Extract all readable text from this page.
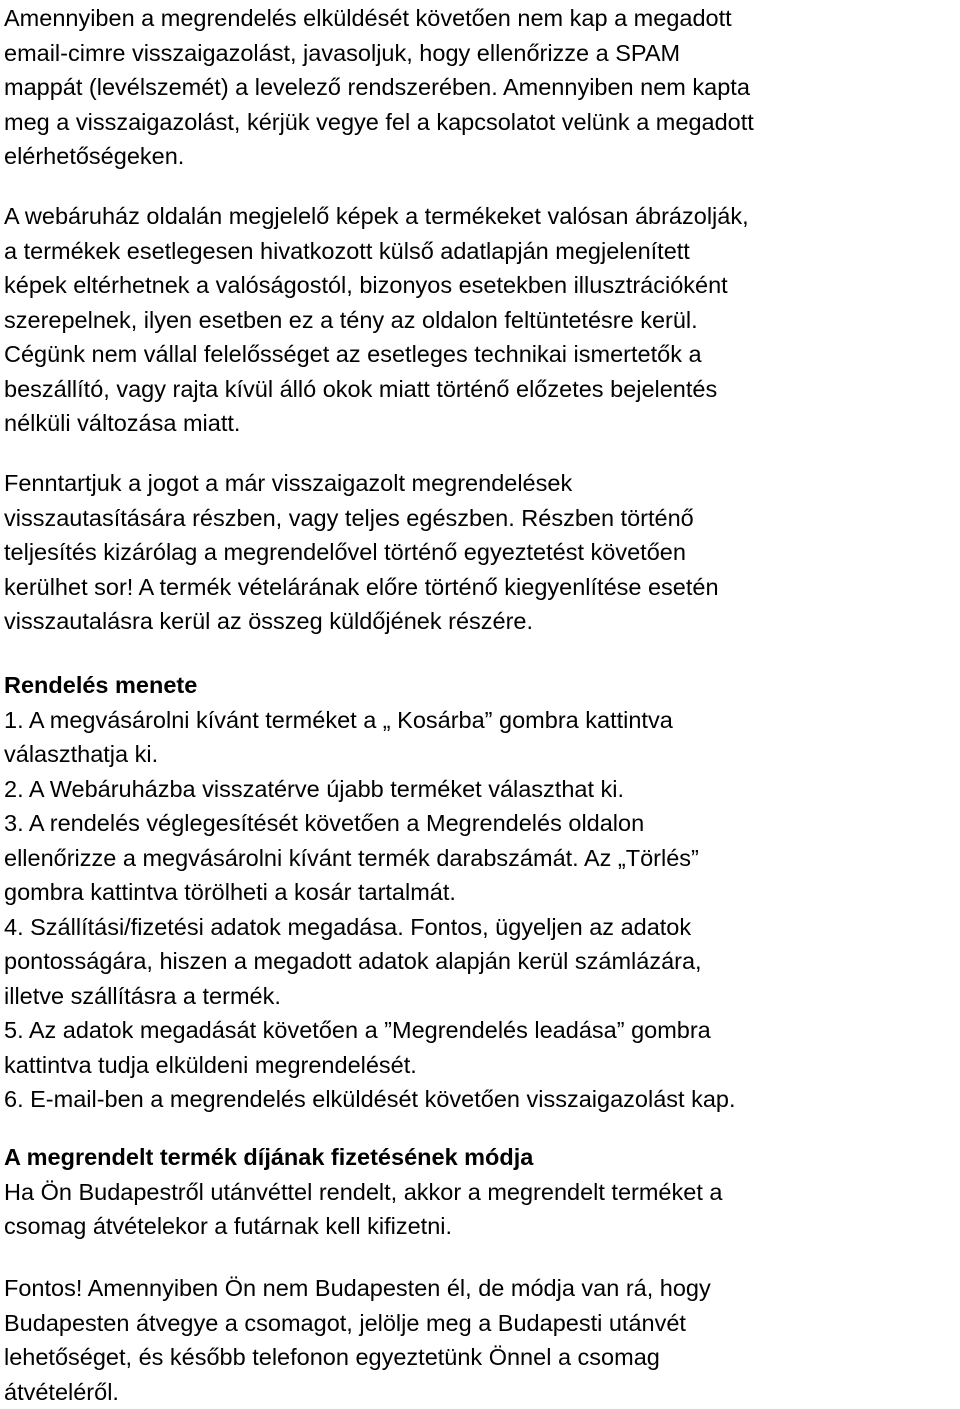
Amennyiben a megrendelés elküldését követően nem kap a megadott
email-cimre visszaigazolást, javasoljuk, hogy ellenőrizze a SPAM
mappát (levélszemét) a levelező rendszerében. Amennyiben nem kapta
meg a visszaigazolást, kérjük vegye fel a kapcsolatot velünk a megadott
elérhetőségeken.
A webáruház oldalán megjelelő képek a termékeket valósan ábrázolják,
a termékek esetlegesen hivatkozott külső adatlapján megjelenített
képek eltérhetnek a valóságostól, bizonyos esetekben illusztrációként
szerepelnek, ilyen esetben ez a tény az oldalon feltüntetésre kerül.
Cégünk nem vállal felelősséget az esetleges technikai ismertetők a
beszállító, vagy rajta kívül álló okok miatt történő előzetes bejelentés
nélküli változása miatt.
Fenntartjuk a jogot a már visszaigazolt megrendelések
visszautasítására részben, vagy teljes egészben. Részben történő
teljesítés kizárólag a megrendelővel történő egyeztetést követően
kerülhet sor! A termék vételárának előre történő kiegyenlítése esetén
visszautalásra kerül az összeg küldőjének részére.
Rendelés menete
1. A megvásárolni kívánt terméket a „ Kosárba” gombra kattintva
választhatja ki.
2. A Webáruházba visszatérve újabb terméket választhat ki.
3. A rendelés véglegesítését követően a Megrendelés oldalon
ellenőrizze a megvásárolni kívánt termék darabszámát. Az „Törlés”
gombra kattintva törölheti a kosár tartalmát.
4. Szállítási/fizetési adatok megadása. Fontos, ügyeljen az adatok
pontosságára, hiszen a megadott adatok alapján kerül számlázára,
illetve szállításra a termék.
5. Az adatok megadását követően a ”Megrendelés leadása” gombra
kattintva tudja elküldeni megrendelését.
6. E-mail-ben a megrendelés elküldését követően visszaigazolást kap.
A megrendelt termék díjának fizetésének módja
Ha Ön Budapestről utánvéttel rendelt, akkor a megrendelt terméket a
csomag átvételekor a futárnak kell kifizetni.
Fontos! Amennyiben Ön nem Budapesten él, de módja van rá, hogy
Budapesten átvegye a csomagot, jelölje meg a Budapesti utánvét
lehetőséget, és később telefonon egyeztetünk Önnel a csomag
átvételéről.
